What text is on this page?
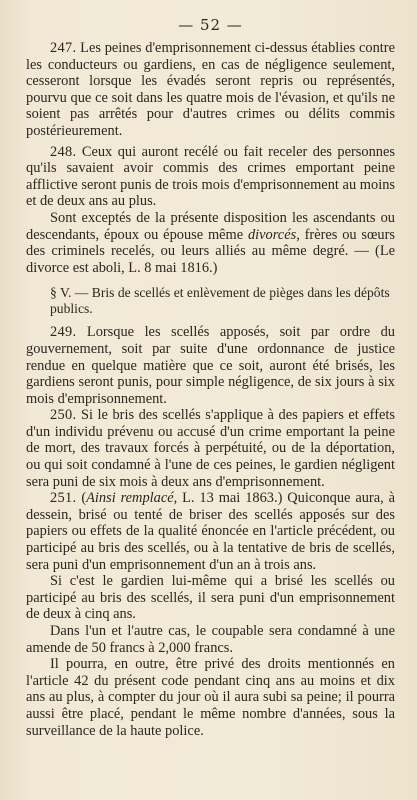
— 52 —

247. Les peines d'emprisonnement ci-dessus établies contre les conducteurs ou gardiens, en cas de négligence seulement, cesseront lorsque les évadés seront repris ou représentés, pourvu que ce soit dans les quatre mois de l'évasion, et qu'ils ne soient pas arrêtés pour d'autres crimes ou délits commis postérieurement.

248. Ceux qui auront recélé ou fait receler des personnes qu'ils savaient avoir commis des crimes emportant peine afflictive seront punis de trois mois d'emprisonnement au moins et de deux ans au plus.

Sont exceptés de la présente disposition les ascendants ou descendants, époux ou épouse même divorcés, frères ou sœurs des criminels recelés, ou leurs alliés au même degré. — (Le divorce est aboli, L. 8 mai 1816.)

§ V. — Bris de scellés et enlèvement de pièges dans les dépôts publics.

249. Lorsque les scellés apposés, soit par ordre du gouvernement, soit par suite d'une ordonnance de justice rendue en quelque matière que ce soit, auront été brisés, les gardiens seront punis, pour simple négligence, de six jours à six mois d'emprisonnement.

250. Si le bris des scellés s'applique à des papiers et effets d'un individu prévenu ou accusé d'un crime emportant la peine de mort, des travaux forcés à perpétuité, ou de la déportation, ou qui soit condamné à l'une de ces peines, le gardien négligent sera puni de six mois à deux ans d'emprisonnement.

251. (Ainsi remplacé, L. 13 mai 1863.) Quiconque aura, à dessein, brisé ou tenté de briser des scellés apposés sur des papiers ou effets de la qualité énoncée en l'article précédent, ou participé au bris des scellés, ou à la tentative de bris de scellés, sera puni d'un emprisonnement d'un an à trois ans.

Si c'est le gardien lui-même qui a brisé les scellés ou participé au bris des scellés, il sera puni d'un emprisonnement de deux à cinq ans.

Dans l'un et l'autre cas, le coupable sera condamné à une amende de 50 francs à 2,000 francs.

Il pourra, en outre, être privé des droits mentionnés en l'article 42 du présent code pendant cinq ans au moins et dix ans au plus, à compter du jour où il aura subi sa peine; il pourra aussi être placé, pendant le même nombre d'années, sous la surveillance de la haute police.
